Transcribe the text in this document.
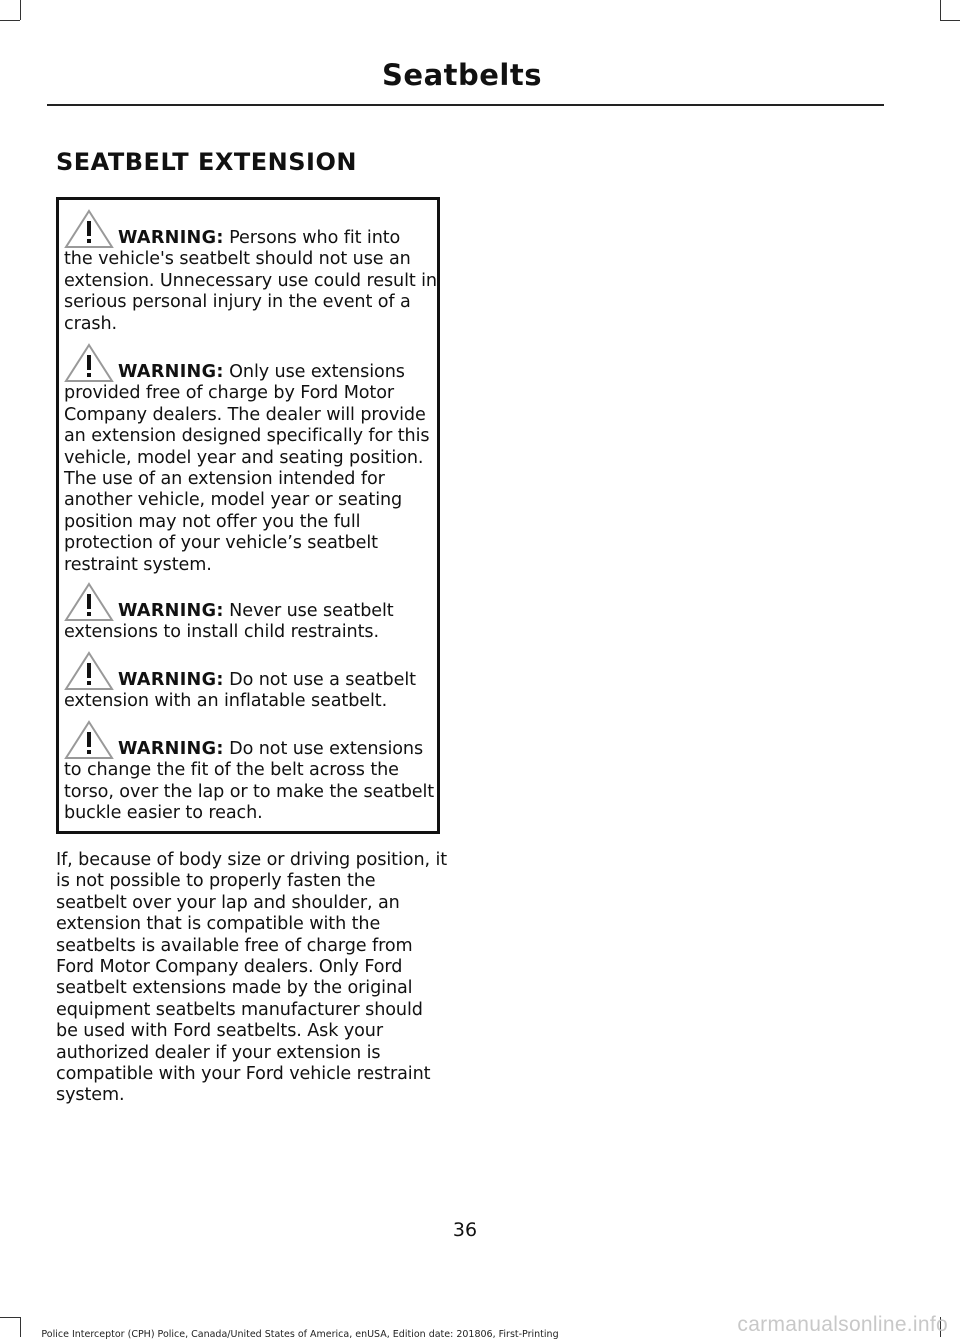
Seatbelts
SEATBELT EXTENSION
WARNING: Persons who fit into
the vehicle's seatbelt should not use an extension. Unnecessary use could result in serious personal injury in the event of a crash.
WARNING: Only use extensions
provided free of charge by Ford Motor Company dealers. The dealer will provide an extension designed specifically for this vehicle, model year and seating position. The use of an extension intended for another vehicle, model year or seating position may not offer you the full protection of your vehicle’s seatbelt restraint system.
WARNING: Never use seatbelt
extensions to install child restraints.
WARNING: Do not use a seatbelt
extension with an inflatable seatbelt.
WARNING: Do not use extensions
to change the fit of the belt across the torso, over the lap or to make the seatbelt buckle easier to reach.
If, because of body size or driving position, it is not possible to properly fasten the seatbelt over your lap and shoulder, an extension that is compatible with the seatbelts is available free of charge from Ford Motor Company dealers. Only Ford seatbelt extensions made by the original equipment seatbelts manufacturer should be used with Ford seatbelts. Ask your authorized dealer if your extension is compatible with your Ford vehicle restraint system.
36
Police Interceptor (CPH) Police, Canada/United States of America, enUSA, Edition date: 201806, First-Printing	carmanualsonline.info
